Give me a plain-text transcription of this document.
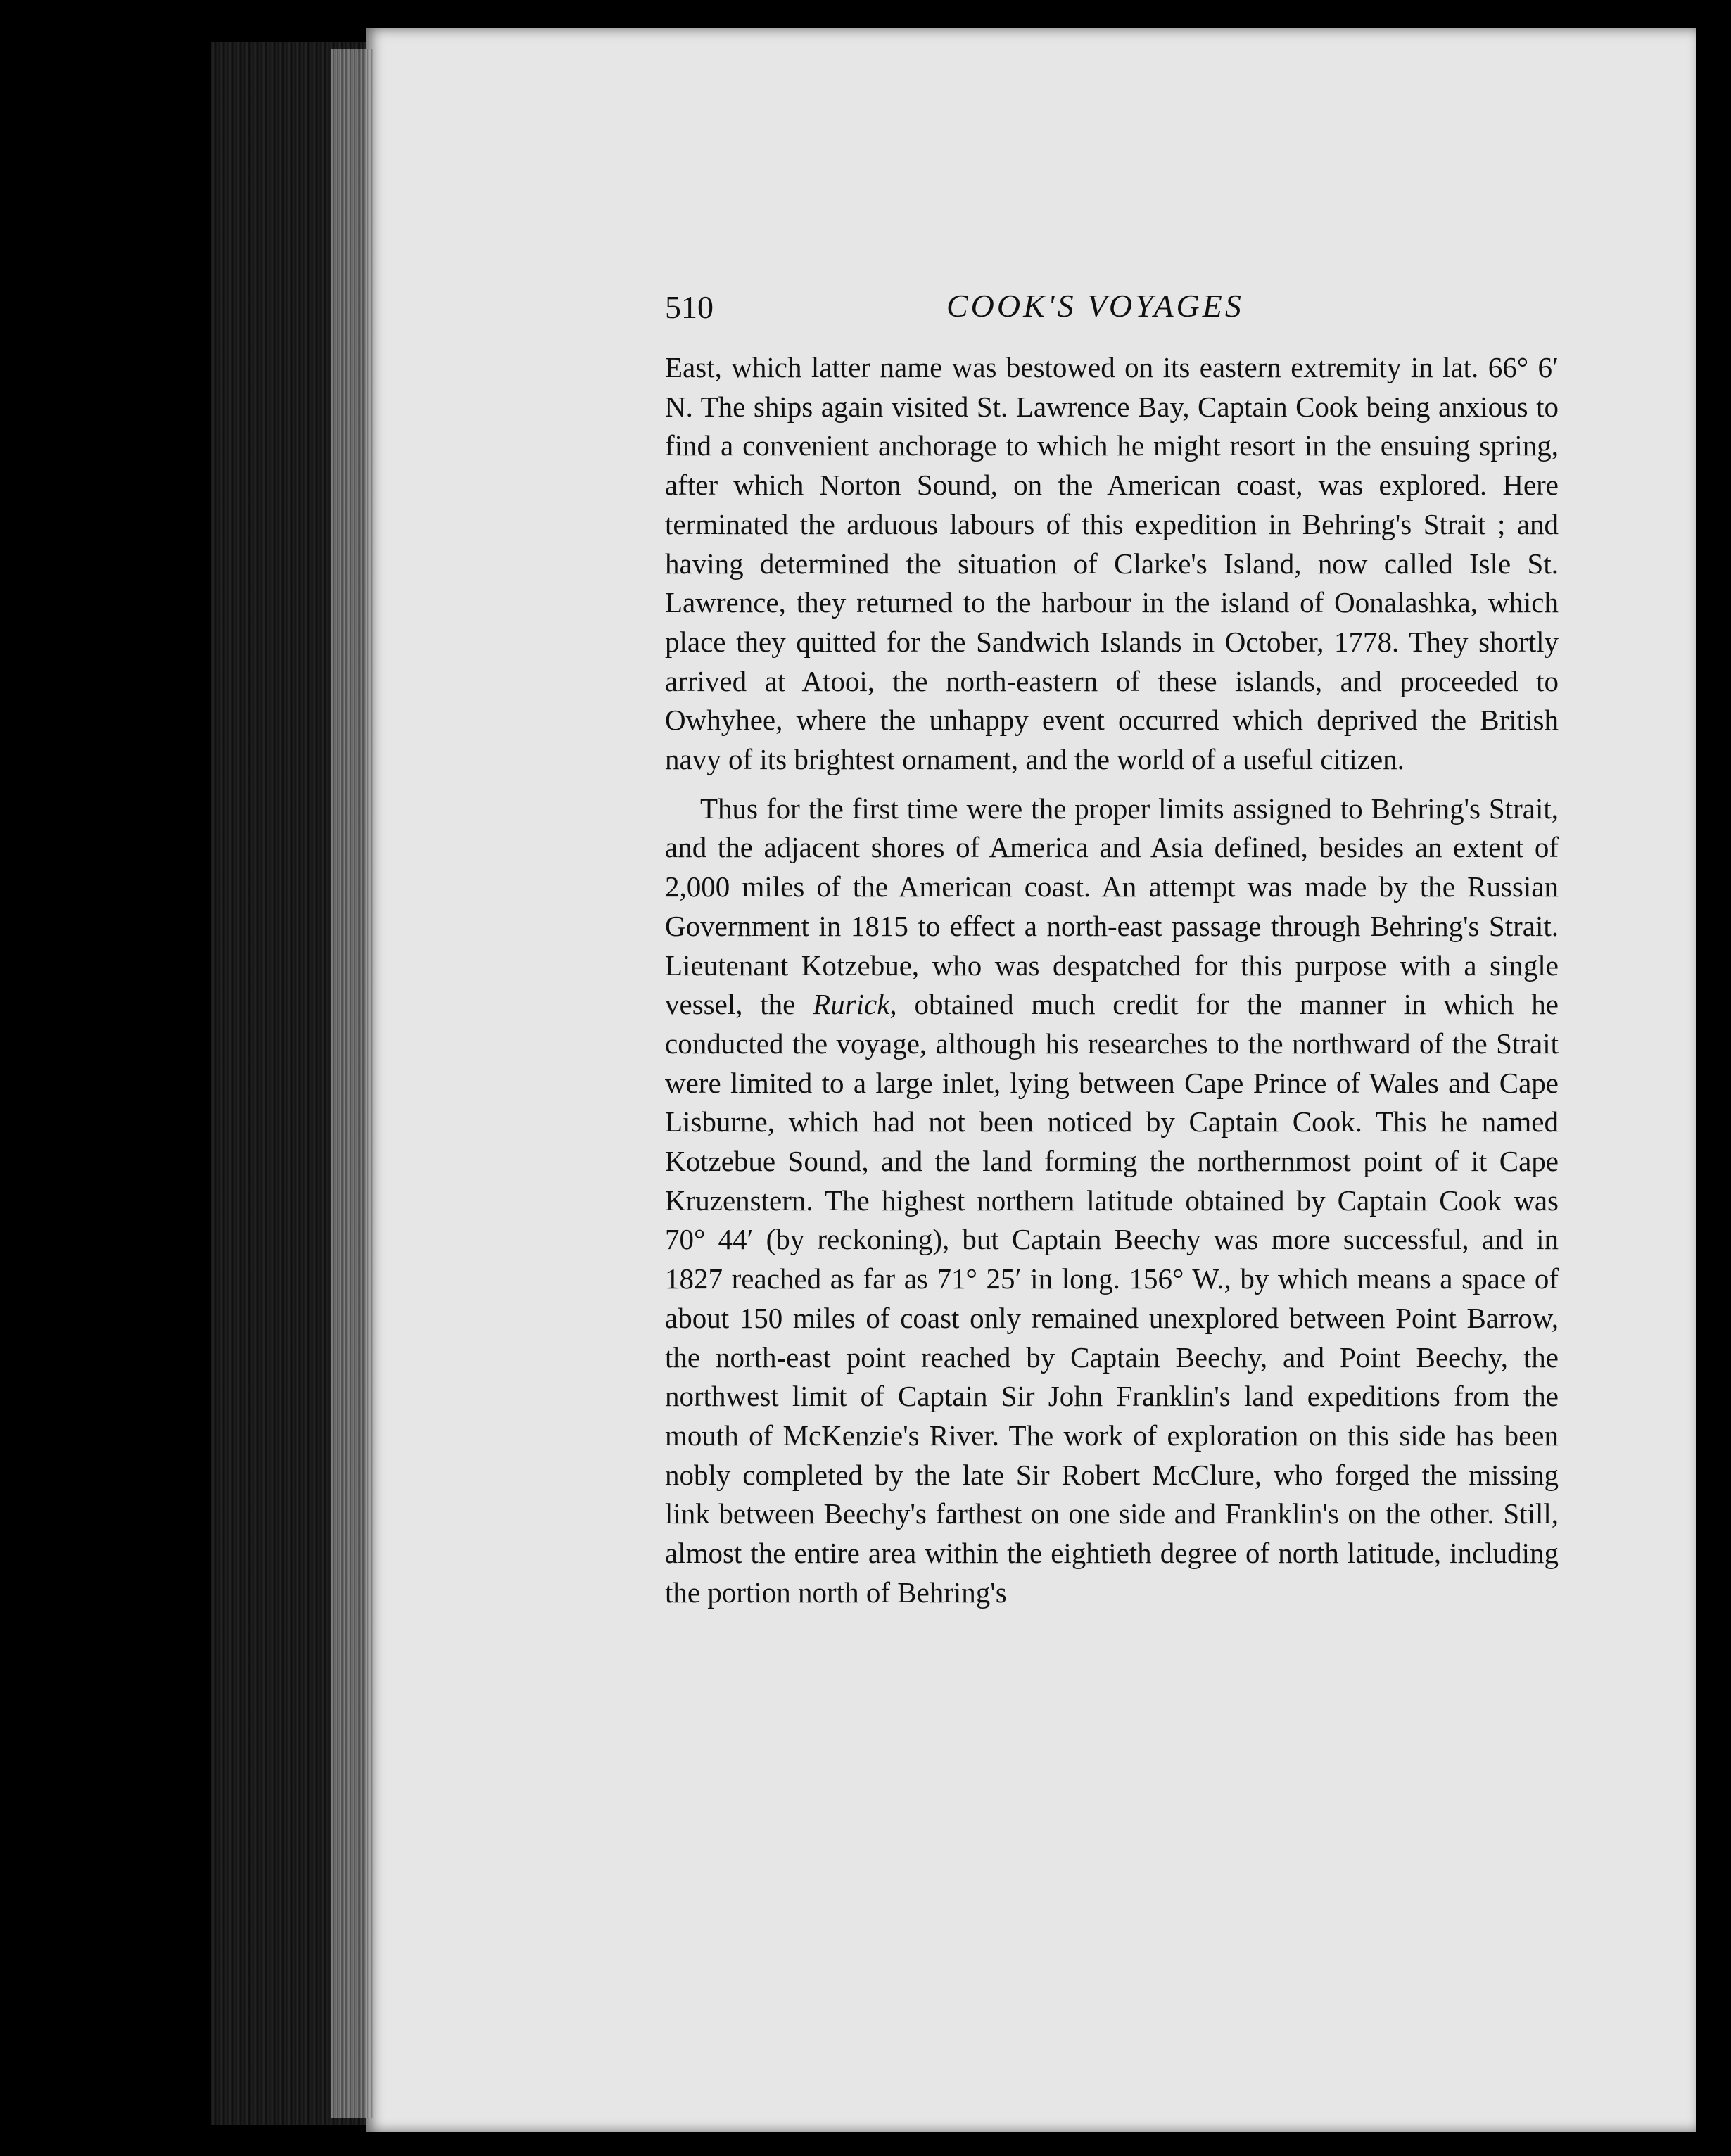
510	COOK'S VOYAGES

East, which latter name was bestowed on its eastern extremity in lat. 66° 6′ N. The ships again visited St. Lawrence Bay, Captain Cook being anxious to find a convenient anchorage to which he might resort in the ensuing spring, after which Norton Sound, on the American coast, was explored. Here terminated the arduous labours of this expedition in Behring's Strait ; and having determined the situation of Clarke's Island, now called Isle St. Lawrence, they returned to the harbour in the island of Oonalashka, which place they quitted for the Sandwich Islands in October, 1778. They shortly arrived at Atooi, the north-eastern of these islands, and proceeded to Owhyhee, where the unhappy event occurred which deprived the British navy of its brightest ornament, and the world of a useful citizen.

Thus for the first time were the proper limits assigned to Behring's Strait, and the adjacent shores of America and Asia defined, besides an extent of 2,000 miles of the American coast. An attempt was made by the Russian Government in 1815 to effect a north-east passage through Behring's Strait. Lieutenant Kotzebue, who was despatched for this purpose with a single vessel, the Rurick, obtained much credit for the manner in which he conducted the voyage, although his researches to the northward of the Strait were limited to a large inlet, lying between Cape Prince of Wales and Cape Lisburne, which had not been noticed by Captain Cook. This he named Kotzebue Sound, and the land forming the northernmost point of it Cape Kruzenstern. The highest northern latitude obtained by Captain Cook was 70° 44′ (by reckoning), but Captain Beechy was more successful, and in 1827 reached as far as 71° 25′ in long. 156° W., by which means a space of about 150 miles of coast only remained unexplored between Point Barrow, the north-east point reached by Captain Beechy, and Point Beechy, the northwest limit of Captain Sir John Franklin's land expeditions from the mouth of McKenzie's River. The work of exploration on this side has been nobly completed by the late Sir Robert McClure, who forged the missing link between Beechy's farthest on one side and Franklin's on the other. Still, almost the entire area within the eightieth degree of north latitude, including the portion north of Behring's
